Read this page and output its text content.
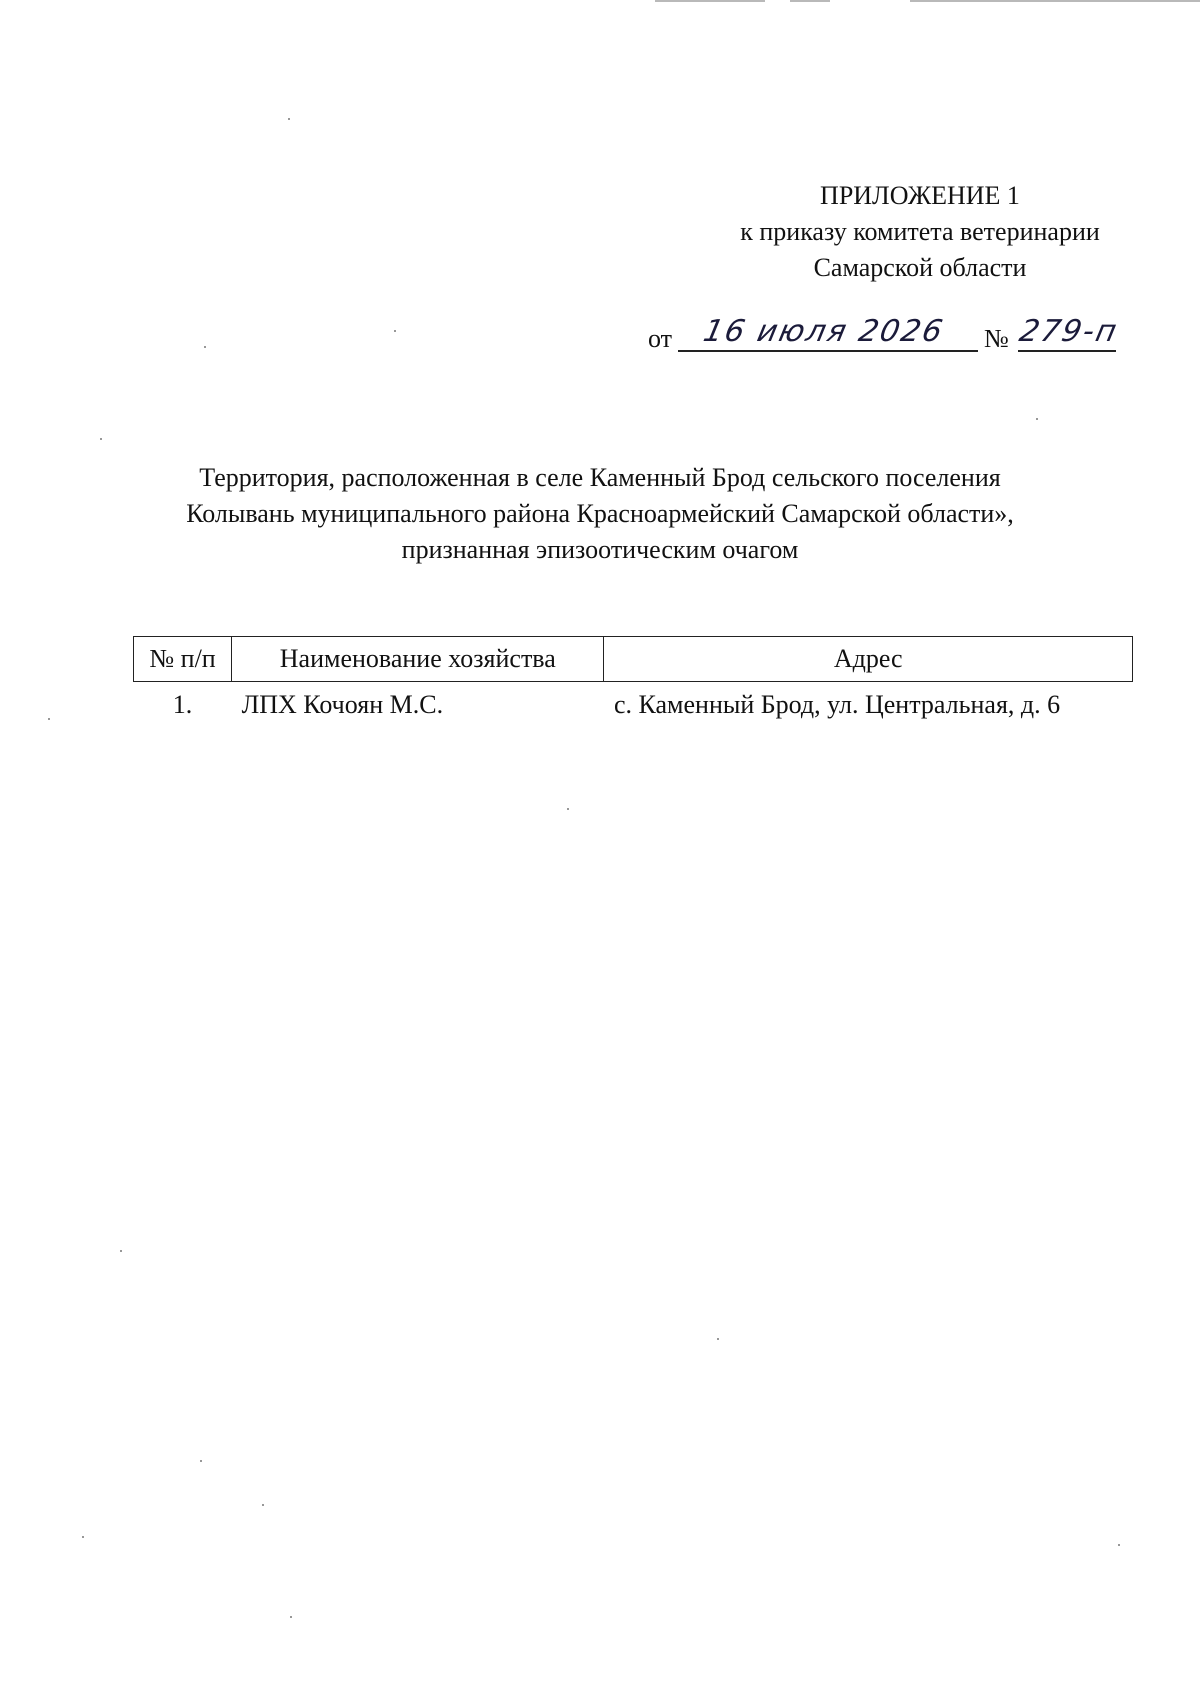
ПРИЛОЖЕНИЕ 1
к приказу комитета ветеринарии
Самарской области
от 16 июля 2026 № 279-п
Территория, расположенная в селе Каменный Брод сельского поселения
Колывань муниципального района Красноармейский Самарской области»,
признанная эпизоотическим очагом
№ п/п	Наименование хозяйства	Адрес
1.	ЛПХ Кочоян М.С.	с. Каменный Брод, ул. Центральная, д. 6
